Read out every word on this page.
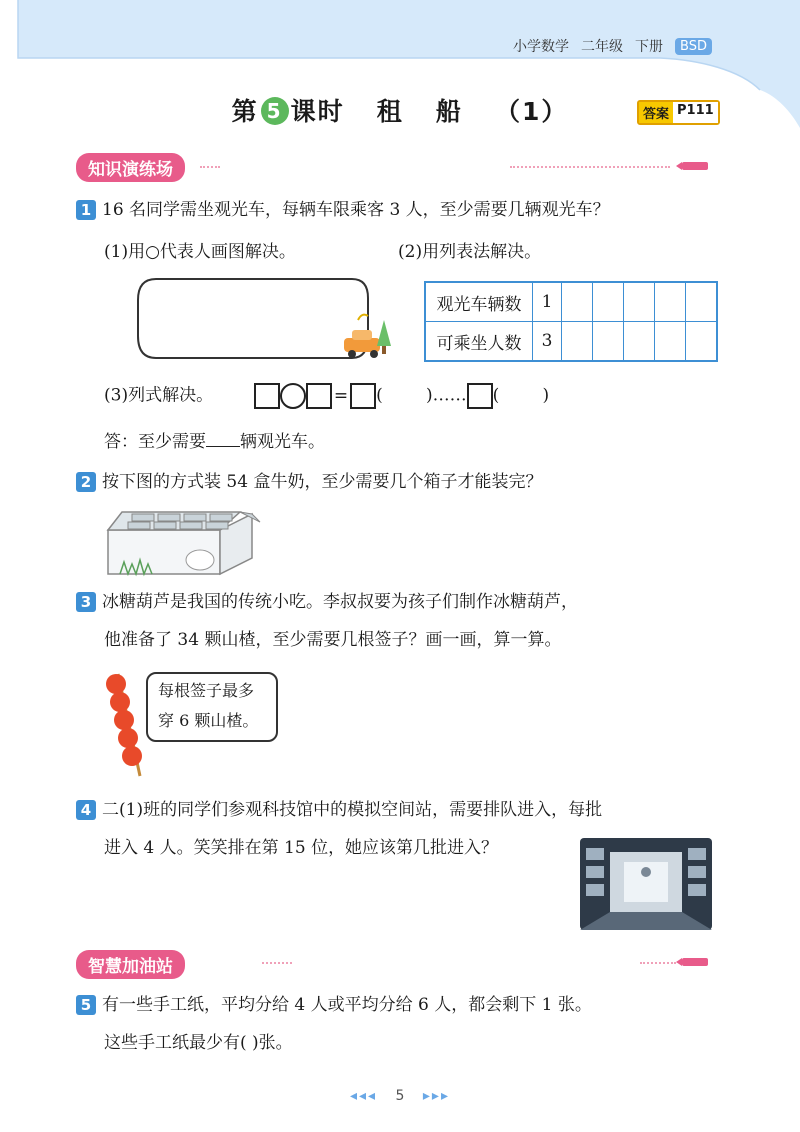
小学数学 二年级 下册	BSD
第 5 课时   租   船   （1）	答案 P111
知识演练场
1 16 名同学需坐观光车，每辆车限乘客 3 人，至少需要几辆观光车？
(1)用○代表人画图解决。	(2)用列表法解决。
观光车辆数	1					
可乘坐人数	3					
(3)列式解决。	= (        )…… (        )
答：至少需要 辆观光车。
2 按下图的方式装 54 盒牛奶，至少需要几个箱子才能装完？
3 冰糖葫芦是我国的传统小吃。李叔叔要为孩子们制作冰糖葫芦，
他准备了 34 颗山楂，至少需要几根签子？画一画，算一算。
每根签子最多
穿 6 颗山楂。
4 二(1)班的同学们参观科技馆中的模拟空间站，需要排队进入，每批
进入 4 人。笑笑排在第 15 位，她应该第几批进入？
智慧加油站
5 有一些手工纸，平均分给 4 人或平均分给 6 人，都会剩下 1 张。
这些手工纸最少有( )张。
◂◂◂ 5 ▸▸▸
